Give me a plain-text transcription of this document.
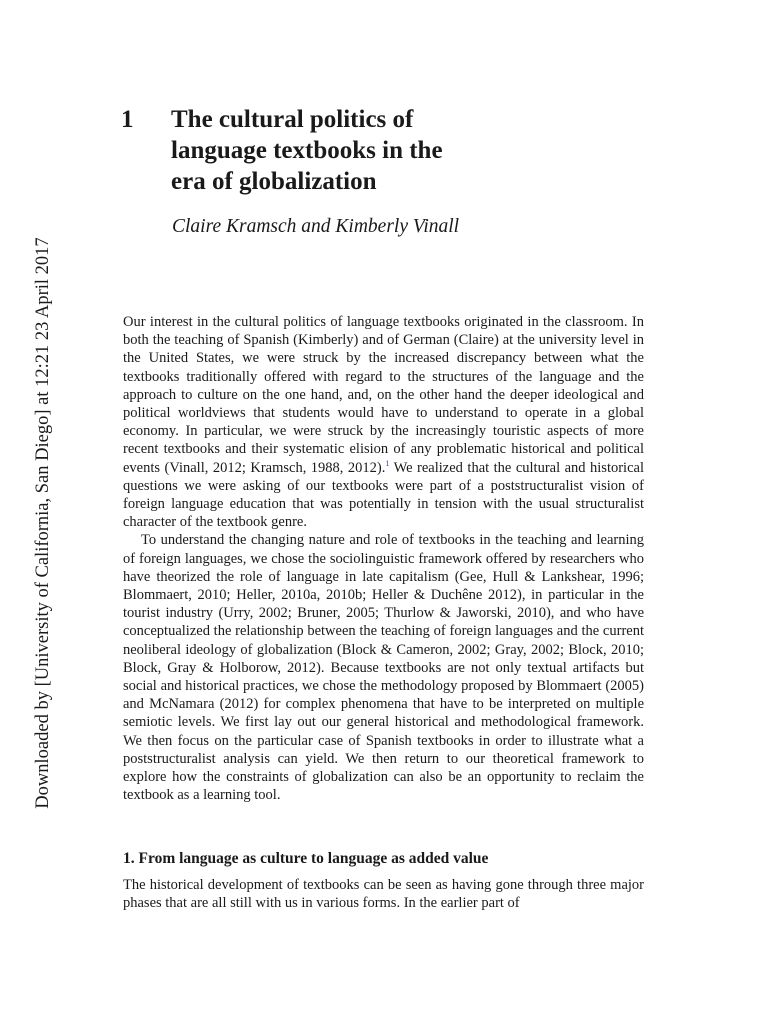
Downloaded by [University of California, San Diego] at 12:21 23 April 2017
1 The cultural politics of
language textbooks in the
era of globalization
Claire Kramsch and Kimberly Vinall

Our interest in the cultural politics of language textbooks originated in the classroom. In both the teaching of Spanish (Kimberly) and of German (Claire) at the university level in the United States, we were struck by the increased discrepancy between what the textbooks traditionally offered with regard to the structures of the language and the approach to culture on the one hand, and, on the other hand the deeper ideological and political worldviews that students would have to understand to operate in a global economy. In particular, we were struck by the increasingly touristic aspects of more recent textbooks and their systematic elision of any problematic historical and political events (Vinall, 2012; Kramsch, 1988, 2012).$^1$ We realized that the cultural and historical questions we were asking of our textbooks were part of a poststructuralist vision of foreign language education that was potentially in tension with the usual structuralist character of the textbook genre.

To understand the changing nature and role of textbooks in the teaching and learning of foreign languages, we chose the sociolinguistic framework offered by researchers who have theorized the role of language in late capitalism (Gee, Hull & Lankshear, 1996; Blommaert, 2010; Heller, 2010a, 2010b; Heller & Duchêne 2012), in particular in the tourist industry (Urry, 2002; Bruner, 2005; Thurlow & Jaworski, 2010), and who have conceptualized the relationship between the teaching of foreign languages and the current neoliberal ideology of globalization (Block & Cameron, 2002; Gray, 2002; Block, 2010; Block, Gray & Holborow, 2012). Because textbooks are not only textual artifacts but social and historical practices, we chose the methodology proposed by Blommaert (2005) and McNamara (2012) for complex phenomena that have to be interpreted on multiple semiotic levels. We first lay out our general historical and methodological framework. We then focus on the particular case of Spanish textbooks in order to illustrate what a poststructuralist analysis can yield. We then return to our theoretical framework to explore how the constraints of globalization can also be an opportunity to reclaim the textbook as a learning tool.

1. From language as culture to language as added value

The historical development of textbooks can be seen as having gone through three major phases that are all still with us in various forms. In the earlier part of
